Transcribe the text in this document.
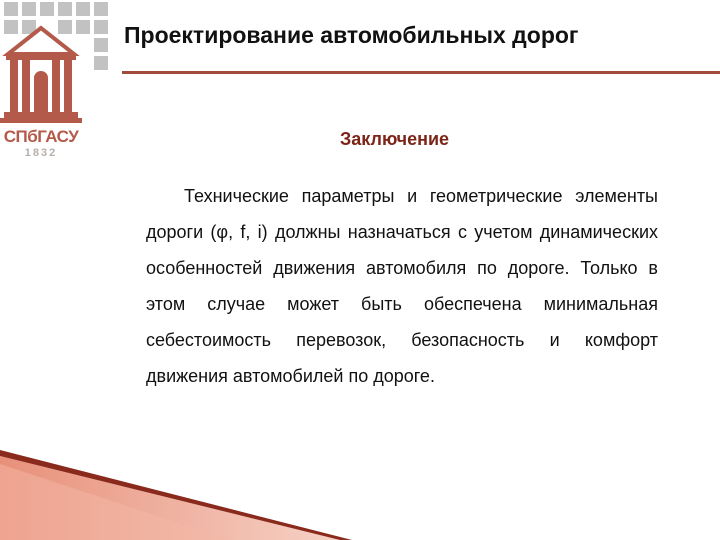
СПбГАСУ
1832
Проектирование автомобильных дорог
Заключение
Технические параметры и геометрические элементы дороги (φ, f, i) должны назначаться с учетом динамических особенностей движения автомобиля по дороге. Только в этом случае может быть обеспечена минимальная себестоимость перевозок, безопасность и комфорт движения автомобилей по дороге.
